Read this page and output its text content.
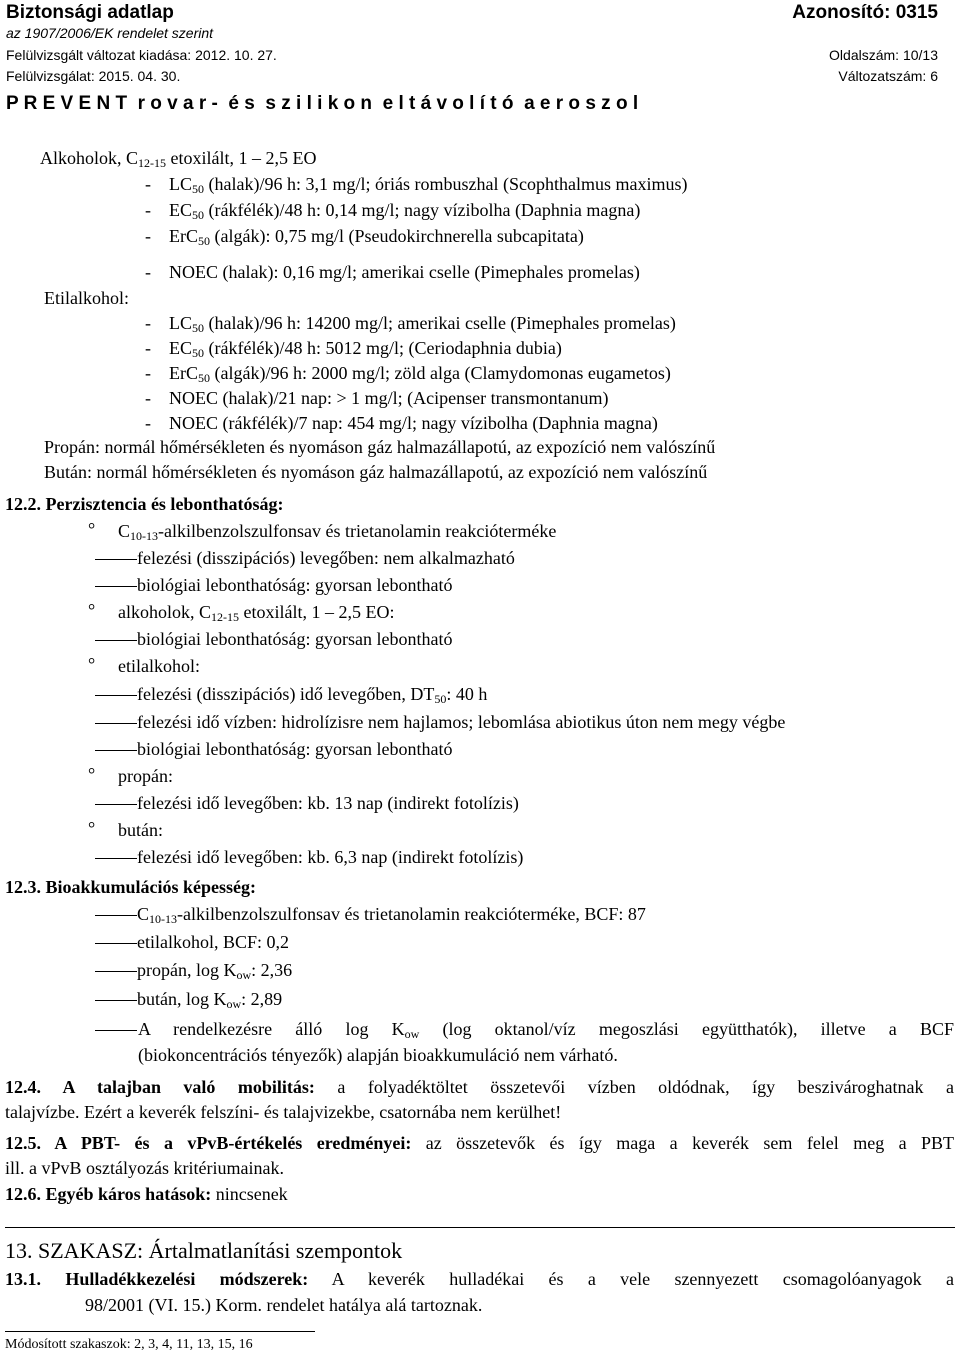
Biztonsági adatlap	Azonosító: 0315
az 1907/2006/EK rendelet szerint
Felülvizsgált változat kiadása: 2012. 10. 27.	Oldalszám: 10/13
Felülvizsgálat: 2015. 04. 30.	Változatszám: 6
P R E V E N T  r o v a r -  é s  s z i l i k o n  e l t á v o l í t ó  a e r o s z o l
Alkoholok, C12-15 etoxilált, 1 – 2,5 EO
- LC50 (halak)/96 h: 3,1 mg/l; óriás rombuszhal (Scophthalmus maximus)
- EC50 (rákfélék)/48 h: 0,14 mg/l; nagy vízibolha (Daphnia magna)
- ErC50 (algák): 0,75 mg/l (Pseudokirchnerella subcapitata)
- NOEC (halak): 0,16 mg/l; amerikai cselle (Pimephales promelas)
Etilalkohol:
- LC50 (halak)/96 h: 14200 mg/l; amerikai cselle (Pimephales promelas)
- EC50 (rákfélék)/48 h: 5012 mg/l; (Ceriodaphnia dubia)
- ErC50 (algák)/96 h: 2000 mg/l; zöld alga (Clamydomonas eugametos)
- NOEC (halak)/21 nap: > 1 mg/l; (Acipenser transmontanum)
- NOEC (rákfélék)/7 nap: 454 mg/l; nagy vízibolha (Daphnia magna)
Propán: normál hőmérsékleten és nyomáson gáz halmazállapotú, az expozíció nem valószínű
Bután: normál hőmérsékleten és nyomáson gáz halmazállapotú, az expozíció nem valószínű
12.2. Perzisztencia és lebonthatóság:
° C10-13-alkilbenzolszulfonsav és trietanolamin reakcióterméke
felezési (disszipációs) levegőben: nem alkalmazható
biológiai lebonthatóság: gyorsan lebontható
° alkoholok, C12-15 etoxilált, 1 – 2,5 EO:
biológiai lebonthatóság: gyorsan lebontható
° etilalkohol:
felezési (disszipációs) idő levegőben, DT50: 40 h
felezési idő vízben: hidrolízisre nem hajlamos; lebomlása abiotikus úton nem megy végbe
biológiai lebonthatóság: gyorsan lebontható
° propán:
felezési idő levegőben: kb. 13 nap (indirekt fotolízis)
° bután:
felezési idő levegőben: kb. 6,3 nap (indirekt fotolízis)
12.3. Bioakkumulációs képesség:
C10-13-alkilbenzolszulfonsav és trietanolamin reakcióterméke, BCF: 87
etilalkohol, BCF: 0,2
propán, log Kow: 2,36
bután, log Kow: 2,89
A rendelkezésre álló log Kow (log oktanol/víz megoszlási együtthatók), illetve a BCF
(biokoncentrációs tényezők) alapján bioakkumuláció nem várható.
12.4. A talajban való mobilitás: a folyadéktöltet összetevői vízben oldódnak, így beszivároghatnak a
talajvízbe. Ezért a keverék felszíni- és talajvizekbe, csatornába nem kerülhet!
12.5. A PBT- és a vPvB-értékelés eredményei: az összetevők és így maga a keverék sem felel meg a PBT
ill. a vPvB osztályozás kritériumainak.
12.6. Egyéb káros hatások: nincsenek
13. SZAKASZ: Ártalmatlanítási szempontok
13.1. Hulladékkezelési módszerek: A keverék hulladékai és a vele szennyezett csomagolóanyagok a
98/2001 (VI. 15.) Korm. rendelet hatálya alá tartoznak.
Módosított szakaszok: 2, 3, 4, 11, 13, 15, 16
